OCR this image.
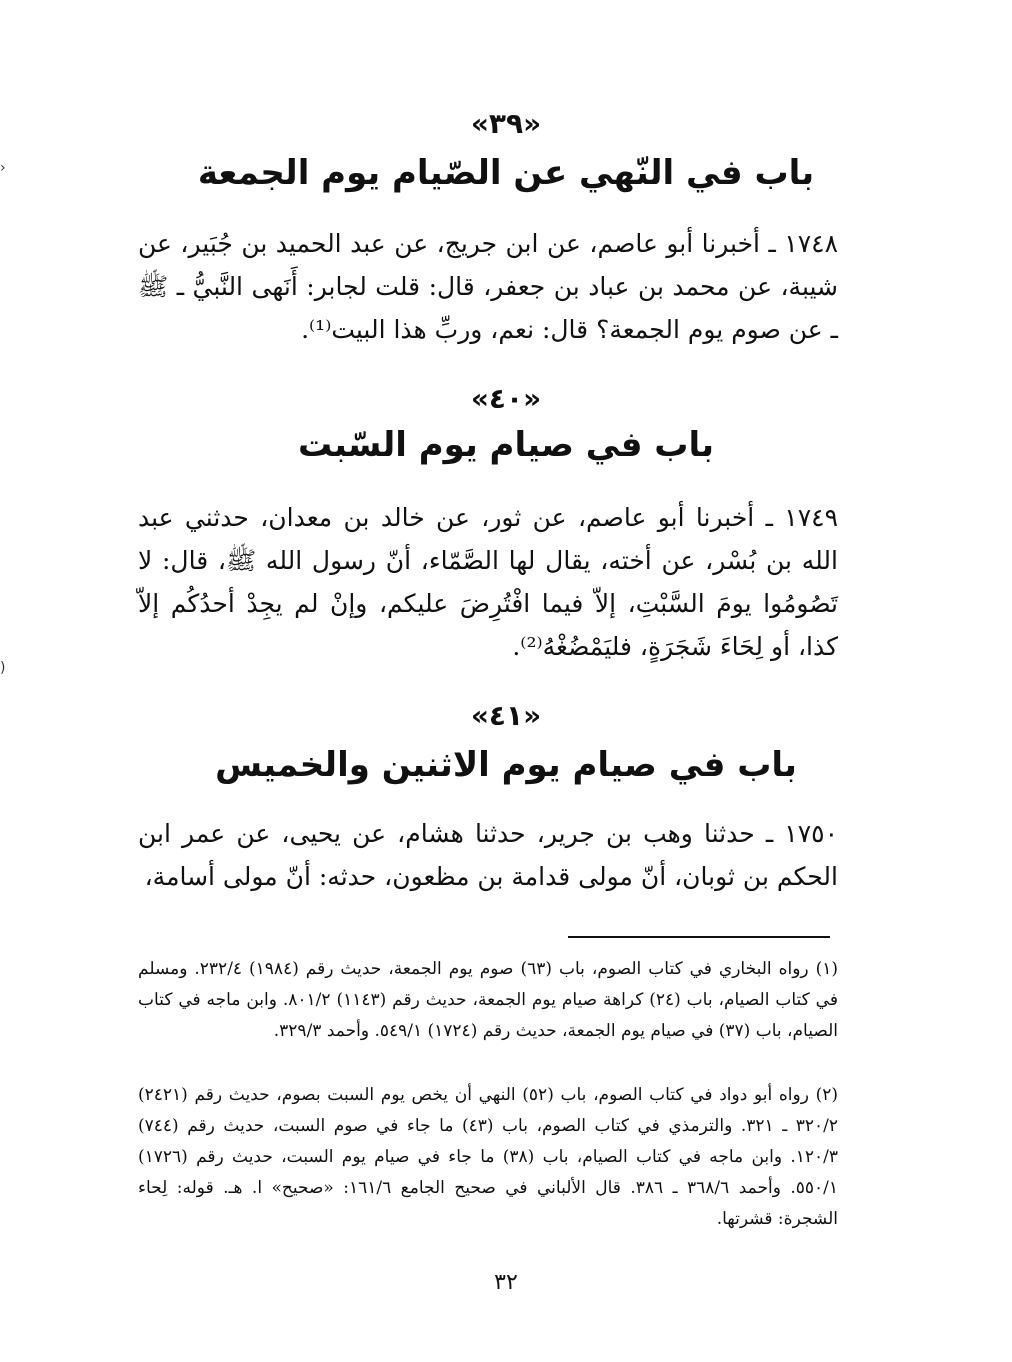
«٣٩»
باب في النّهي عن الصّيام يوم الجمعة

١٧٤٨ ـ أخبرنا أبو عاصم، عن ابن جريج، عن عبد الحميد بن جُبَير، عن شيبة، عن محمد بن عباد بن جعفر، قال: قلت لجابر: أَنَهى النَّبيُّ ـ ﷺ ـ عن صوم يوم الجمعة؟ قال: نعم، وربِّ هذا البيت⁽¹⁾.

«٤٠»
باب في صيام يوم السّبت

١٧٤٩ ـ أخبرنا أبو عاصم، عن ثور، عن خالد بن معدان، حدثني عبد الله بن بُسْر، عن أخته، يقال لها الصَّمّاء، أنّ رسول الله ﷺ، قال: لا تَصُومُوا يومَ السَّبْتِ، إلاّ فيما افْتُرِضَ عليكم، وإنْ لم يجِدْ أحدُكُم إلاّ كذا، أو لِحَاءَ شَجَرَةٍ، فليَمْضُغْهُ⁽²⁾.

«٤١»
باب في صيام يوم الاثنين والخميس

١٧٥٠ ـ حدثنا وهب بن جرير، حدثنا هشام، عن يحيى، عن عمر ابن الحكم بن ثوبان، أنّ مولى قدامة بن مظعون، حدثه: أنّ مولى أسامة،

(١) رواه البخاري في كتاب الصوم، باب (٦٣) صوم يوم الجمعة، حديث رقم (١٩٨٤) ٢٣٢/٤. ومسلم في كتاب الصيام، باب (٢٤) كراهة صيام يوم الجمعة، حديث رقم (١١٤٣) ٨٠١/٢. وابن ماجه في كتاب الصيام، باب (٣٧) في صيام يوم الجمعة، حديث رقم (١٧٢٤) ٥٤٩/١. وأحمد ٣٢٩/٣.

(٢) رواه أبو دواد في كتاب الصوم، باب (٥٢) النهي أن يخص يوم السبت بصوم، حديث رقم (٢٤٢١) ٣٢٠/٢ ـ ٣٢١. والترمذي في كتاب الصوم، باب (٤٣) ما جاء في صوم السبت، حديث رقم (٧٤٤) ١٢٠/٣. وابن ماجه في كتاب الصيام، باب (٣٨) ما جاء في صيام يوم السبت، حديث رقم (١٧٢٦) ٥٥٠/١. وأحمد ٣٦٨/٦ ـ ٣٨٦. قال الألباني في صحيح الجامع ١٦١/٦: «صحيح» ا. هـ. قوله: لِحاء الشجرة: قشرتها.

٣٢
‹
(
